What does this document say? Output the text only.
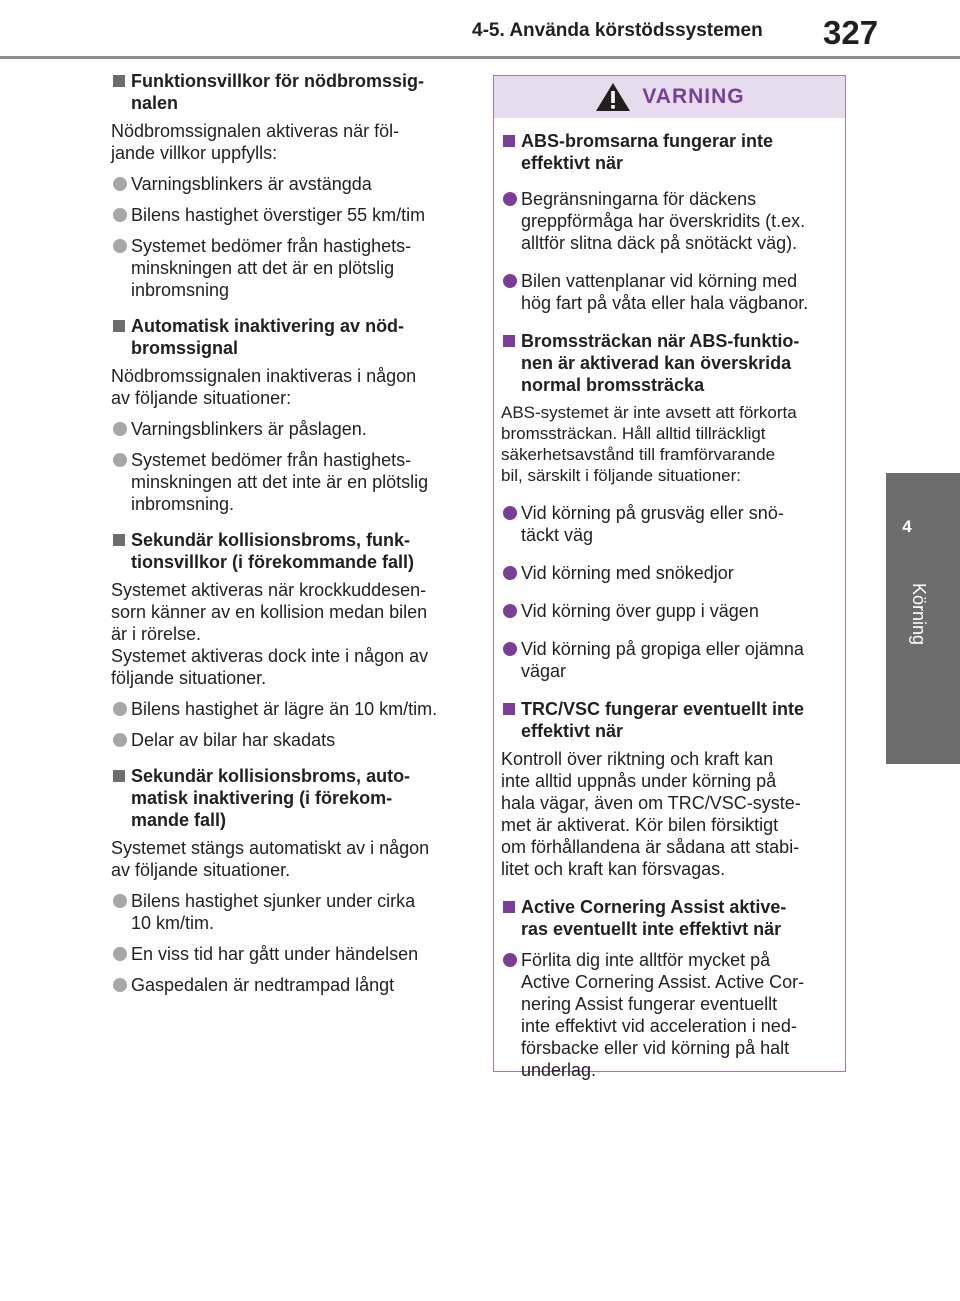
4-5. Använda körstödssystemen 327
4
Körning
Funktionsvillkor för nödbromssig-
nalen
Nödbromssignalen aktiveras när föl-
jande villkor uppfylls:
Varningsblinkers är avstängda
Bilens hastighet överstiger 55 km/tim
Systemet bedömer från hastighets-
minskningen att det är en plötslig
inbromsning
Automatisk inaktivering av nöd-
bromssignal
Nödbromssignalen inaktiveras i någon
av följande situationer:
Varningsblinkers är påslagen.
Systemet bedömer från hastighets-
minskningen att det inte är en plötslig
inbromsning.
Sekundär kollisionsbroms, funk-
tionsvillkor (i förekommande fall)
Systemet aktiveras när krockkuddesen-
sorn känner av en kollision medan bilen
är i rörelse.
Systemet aktiveras dock inte i någon av
följande situationer.
Bilens hastighet är lägre än 10 km/tim.
Delar av bilar har skadats
Sekundär kollisionsbroms, auto-
matisk inaktivering (i förekom-
mande fall)
Systemet stängs automatiskt av i någon
av följande situationer.
Bilens hastighet sjunker under cirka
10 km/tim.
En viss tid har gått under händelsen
Gaspedalen är nedtrampad långt
VARNING
ABS-bromsarna fungerar inte
effektivt när
Begränsningarna för däckens
greppförmåga har överskridits (t.ex.
alltför slitna däck på snötäckt väg).
Bilen vattenplanar vid körning med
hög fart på våta eller hala vägbanor.
Bromssträckan när ABS-funktio-
nen är aktiverad kan överskrida
normal bromssträcka
ABS-systemet är inte avsett att förkorta
bromssträckan. Håll alltid tillräckligt
säkerhetsavstånd till framförvarande
bil, särskilt i följande situationer:
Vid körning på grusväg eller snö-
täckt väg
Vid körning med snökedjor
Vid körning över gupp i vägen
Vid körning på gropiga eller ojämna
vägar
TRC/VSC fungerar eventuellt inte
effektivt när
Kontroll över riktning och kraft kan
inte alltid uppnås under körning på
hala vägar, även om TRC/VSC-syste-
met är aktiverat. Kör bilen försiktigt
om förhållandena är sådana att stabi-
litet och kraft kan försvagas.
Active Cornering Assist aktive-
ras eventuellt inte effektivt när
Förlita dig inte alltför mycket på
Active Cornering Assist. Active Cor-
nering Assist fungerar eventuellt
inte effektivt vid acceleration i ned-
försbacke eller vid körning på halt
underlag.
